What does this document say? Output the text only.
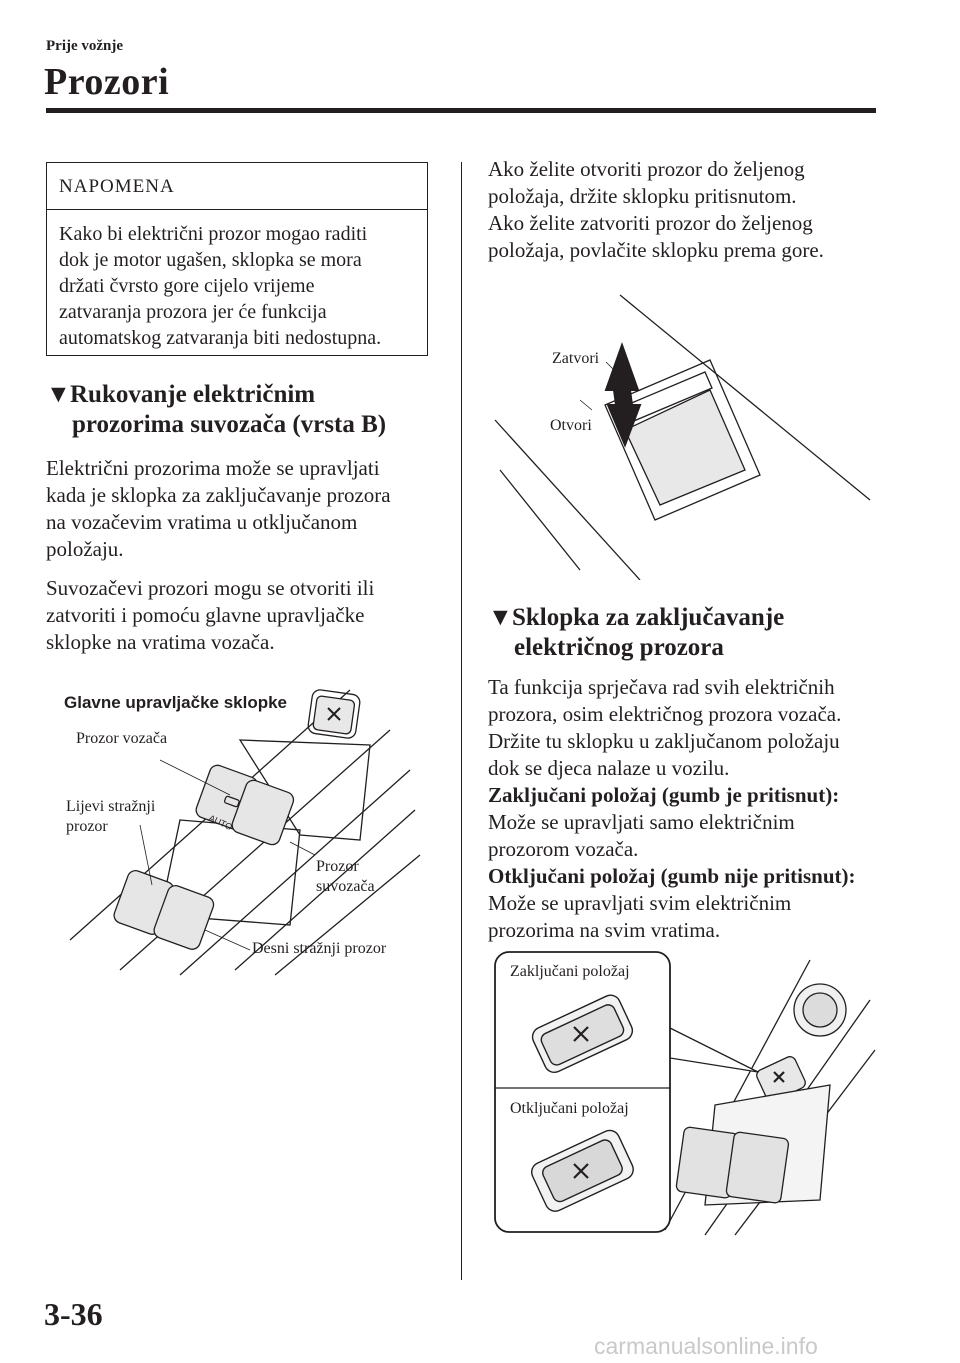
Prije vožnje
Prozori
NAPOMENA
Kako bi električni prozor mogao raditi
dok je motor ugašen, sklopka se mora
držati čvrsto gore cijelo vrijeme
zatvaranja prozora jer će funkcija
automatskog zatvaranja biti nedostupna.
▼Rukovanje električnim
prozorima suvozača (vrsta B)

Električni prozorima može se upravljati

kada je sklopka za zaključavanje prozora

na vozačevim vratima u otključanom

položaju.

Suvozačevi prozori mogu se otvoriti ili

zatvoriti i pomoću glavne upravljačke

sklopke na vratima vozača.

AUTO
Glavne upravljačke sklopke
Prozor vozača
Lijevi stražnji
prozor
Prozor
suvozača
Desni stražnji prozor

Ako želite otvoriti prozor do željenog

položaja, držite sklopku pritisnutom.

Ako želite zatvoriti prozor do željenog

položaja, povlačite sklopku prema gore.

Zatvori
Otvori
▼Sklopka za zaključavanje
električnog prozora

Ta funkcija sprječava rad svih električnih

prozora, osim električnog prozora vozača.

Držite tu sklopku u zaključanom položaju

dok se djeca nalaze u vozilu.

Zaključani položaj (gumb je pritisnut):

Može se upravljati samo električnim

prozorom vozača.

Otključani položaj (gumb nije pritisnut):

Može se upravljati svim električnim

prozorima na svim vratima.

Zaključani položaj
Otključani položaj
3-36
carmanualsonline.info
